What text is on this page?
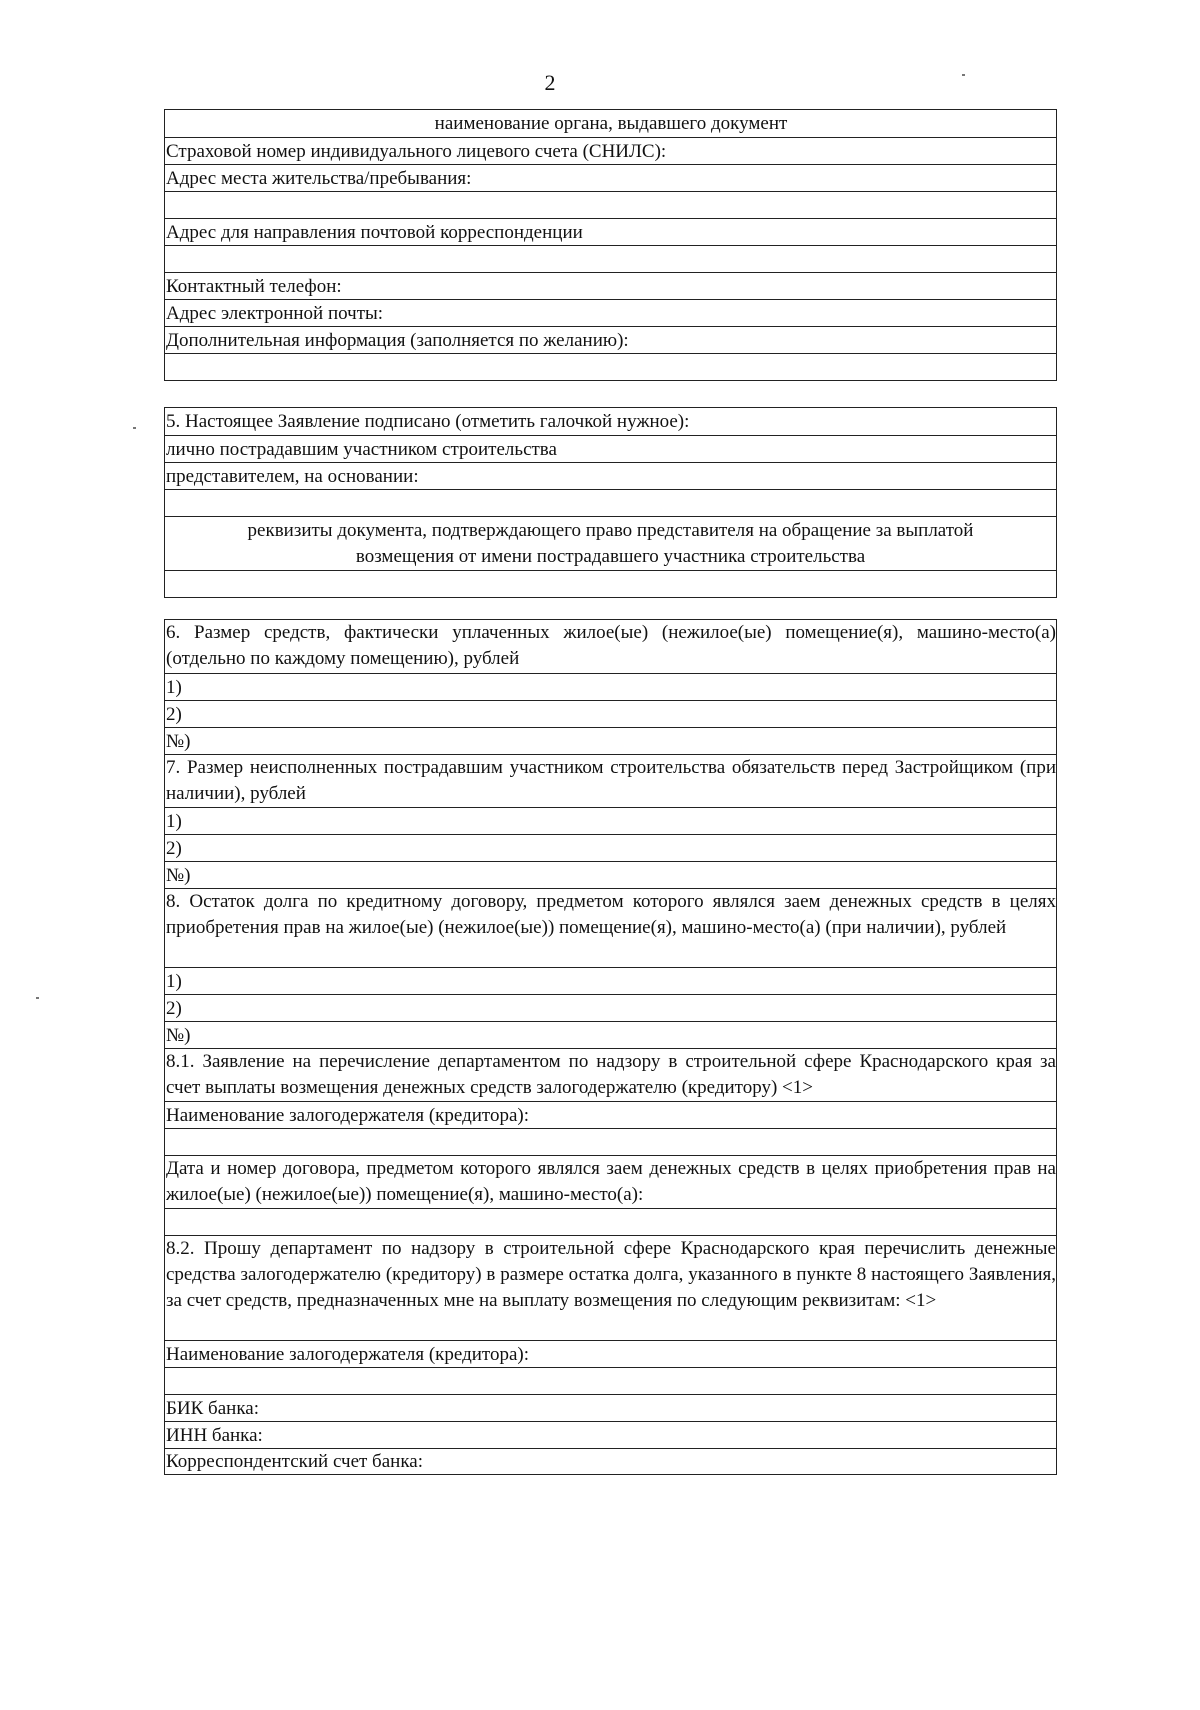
2
наименование органа, выдавшего документ
Страховой номер индивидуального лицевого счета (СНИЛС):
Адрес места жительства/пребывания:
Адрес для направления почтовой корреспонденции
Контактный телефон:
Адрес электронной почты:
Дополнительная информация (заполняется по желанию):
5. Настоящее Заявление подписано (отметить галочкой нужное):
лично пострадавшим участником строительства
представителем, на основании:
реквизиты документа, подтверждающего право представителя на обращение за выплатой возмещения от имени пострадавшего участника строительства
6. Размер средств, фактически уплаченных жилое(ые) (нежилое(ые) помещение(я), машино-место(а) (отдельно по каждому помещению), рублей
1)
2)
№)
7. Размер неисполненных пострадавшим участником строительства обязательств перед Застройщиком (при наличии), рублей
1)
2)
№)
8. Остаток долга по кредитному договору, предметом которого являлся заем денежных средств в целях приобретения прав на жилое(ые) (нежилое(ые)) помещение(я), машино-место(а) (при наличии), рублей
1)
2)
№)
8.1. Заявление на перечисление департаментом по надзору в строительной сфере Краснодарского края за счет выплаты возмещения денежных средств залогодержателю (кредитору) <1>
Наименование залогодержателя (кредитора):
Дата и номер договора, предметом которого являлся заем денежных средств в целях приобретения прав на жилое(ые) (нежилое(ые)) помещение(я), машино-место(а):
8.2. Прошу департамент по надзору в строительной сфере Краснодарского края перечислить денежные средства залогодержателю (кредитору) в размере остатка долга, указанного в пункте 8 настоящего Заявления, за счет средств, предназначенных мне на выплату возмещения по следующим реквизитам: <1>
Наименование залогодержателя (кредитора):
БИК банка:
ИНН банка:
Корреспондентский счет банка:
